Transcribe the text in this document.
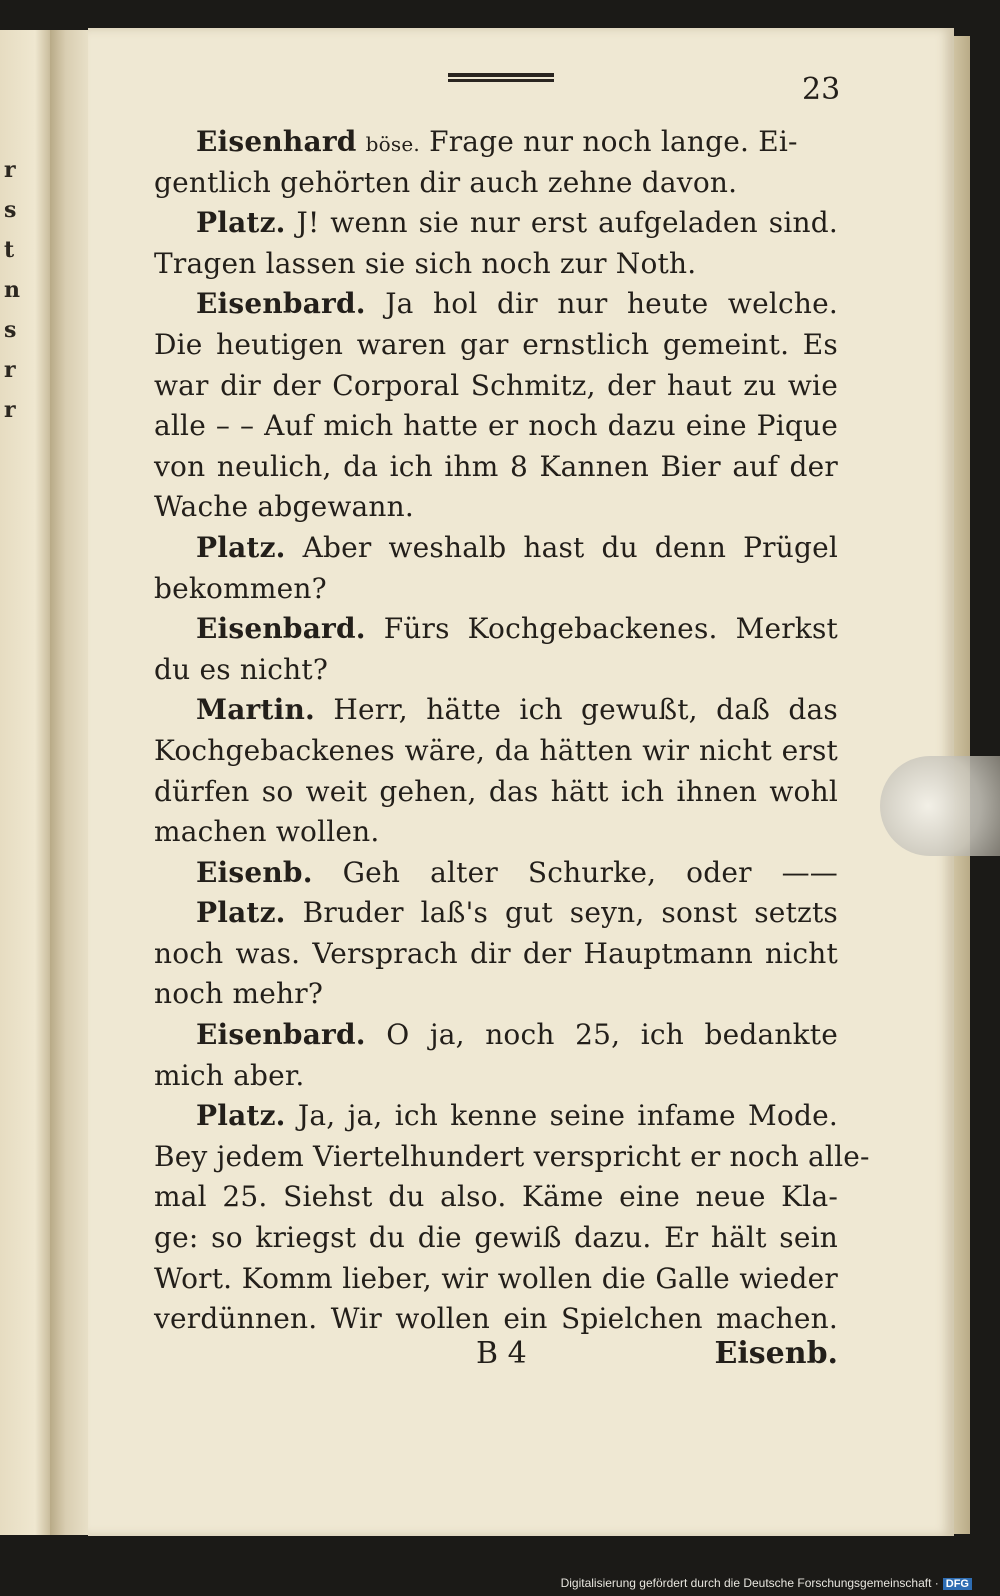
r
s
t
n
s
r
r
23
Eisenhard böse. Frage nur noch lange. Ei-
gentlich gehörten dir auch zehne davon.
Platz. J! wenn sie nur erst aufgeladen sind.
Tragen lassen sie sich noch zur Noth.
Eisenbard. Ja hol dir nur heute welche.
Die heutigen waren gar ernstlich gemeint. Es
war dir der Corporal Schmitz, der haut zu wie
alle – – Auf mich hatte er noch dazu eine Pique
von neulich, da ich ihm 8 Kannen Bier auf der
Wache abgewann.
Platz. Aber weshalb hast du denn Prügel
bekommen?
Eisenbard. Fürs Kochgebackenes. Merkst
du es nicht?
Martin. Herr, hätte ich gewußt, daß das
Kochgebackenes wäre, da hätten wir nicht erst
dürfen so weit gehen, das hätt ich ihnen wohl
machen wollen.
Eisenb. Geh alter Schurke, oder ——
Platz. Bruder laß's gut seyn, sonst setzts
noch was. Versprach dir der Hauptmann nicht
noch mehr?
Eisenbard. O ja, noch 25, ich bedankte
mich aber.
Platz. Ja, ja, ich kenne seine infame Mode.
Bey jedem Viertelhundert verspricht er noch alle-
mal 25. Siehst du also. Käme eine neue Kla-
ge: so kriegst du die gewiß dazu. Er hält sein
Wort. Komm lieber, wir wollen die Galle wieder
verdünnen. Wir wollen ein Spielchen machen.
B 4	Eisenb.
Digitalisierung gefördert durch die Deutsche Forschungsgemeinschaft · DFG
